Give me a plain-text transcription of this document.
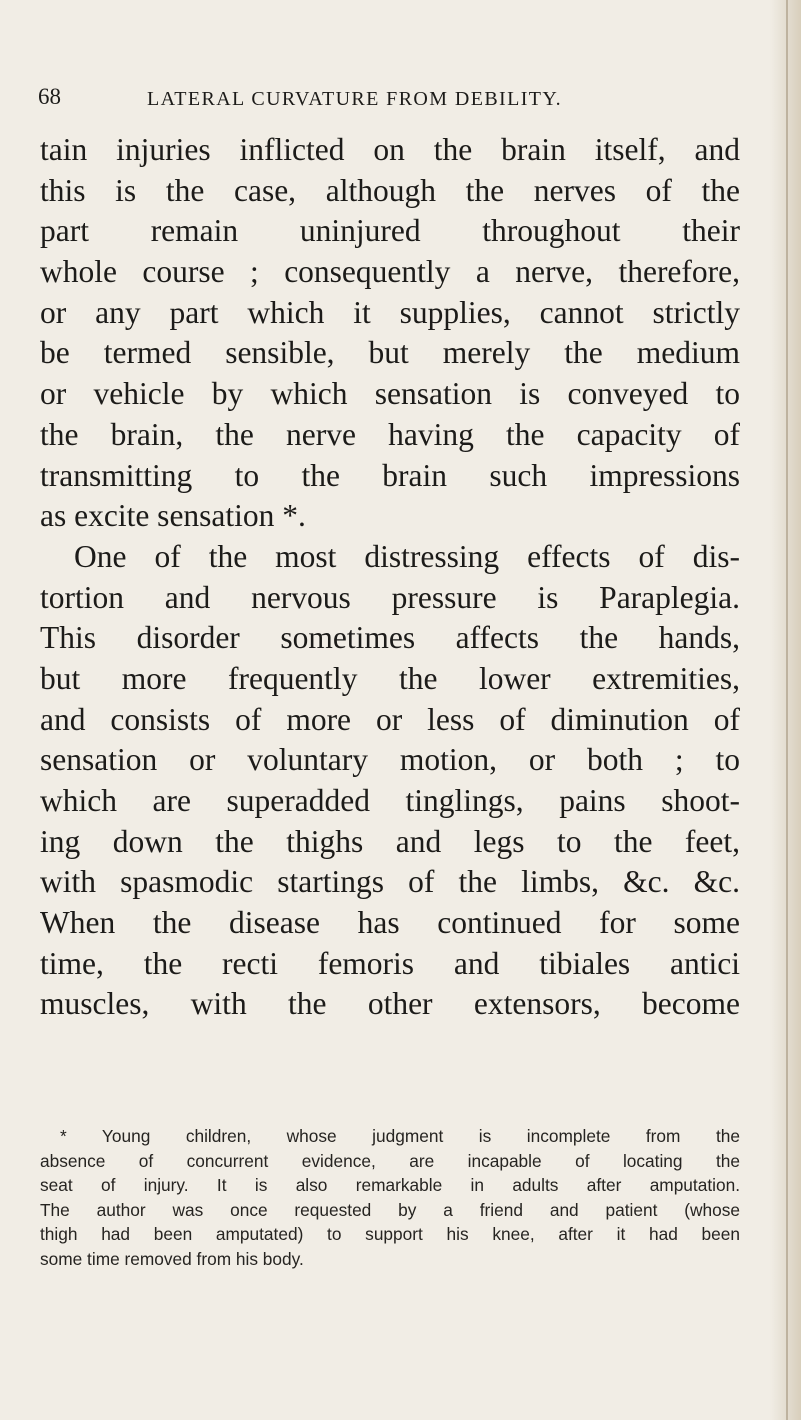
68	LATERAL CURVATURE FROM DEBILITY.
tain injuries inflicted on the brain itself, and
this is the case, although the nerves of the
part remain uninjured throughout their
whole course ; consequently a nerve, therefore,
or any part which it supplies, cannot strictly
be termed sensible, but merely the medium
or vehicle by which sensation is conveyed to
the brain, the nerve having the capacity of
transmitting to the brain such impressions
as excite sensation *.
One of the most distressing effects of dis-
tortion and nervous pressure is Paraplegia.
This disorder sometimes affects the hands,
but more frequently the lower extremities,
and consists of more or less of diminution of
sensation or voluntary motion, or both ; to
which are superadded tinglings, pains shoot-
ing down the thighs and legs to the feet,
with spasmodic startings of the limbs, &c. &c.
When the disease has continued for some
time, the recti femoris and tibiales antici
muscles, with the other extensors, become
* Young children, whose judgment is incomplete from the
absence of concurrent evidence, are incapable of locating the
seat of injury. It is also remarkable in adults after amputation.
The author was once requested by a friend and patient (whose
thigh had been amputated) to support his knee, after it had been
some time removed from his body.
